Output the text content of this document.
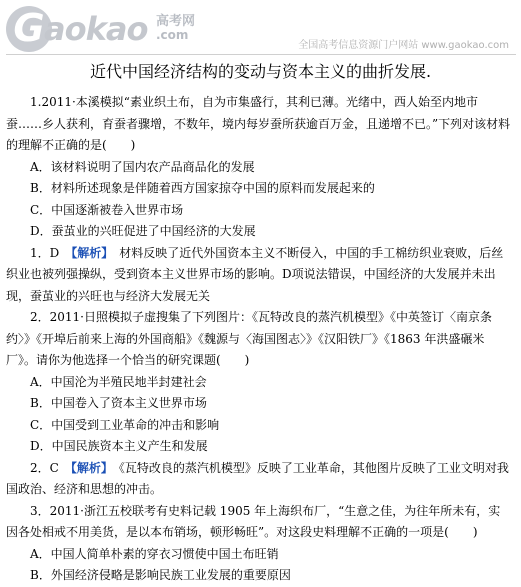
G aokao 高考网
.com
全国高考信息资源门户网站 www.gaokao.com
近代中国经济结构的变动与资本主义的曲折发展.

1.2011·本溪模拟“素业织土布，自为市集盛行，其利已薄。光绪中，西人始至内地市蚕……乡人获利，育蚕者骤增，不数年，境内每岁蚕所获逾百万金，且递增不已。”下列对该材料的理解不正确的是(　　)

A．该材料说明了国内农产品商品化的发展

B．材料所述现象是伴随着西方国家掠夺中国的原料而发展起来的

C．中国逐渐被卷入世界市场

D．蚕茧业的兴旺促进了中国经济的大发展

1．D　【解析】　材料反映了近代外国资本主义不断侵入，中国的手工棉纺织业衰败，后丝织业也被列强操纵，受到资本主义世界市场的影响。D项说法错误，中国经济的大发展并未出现，蚕茧业的兴旺也与经济大发展无关

2．2011·日照模拟子虚搜集了下列图片：《瓦特改良的蒸汽机模型》《中英签订〈南京条约〉》《开埠后前来上海的外国商船》《魏源与〈海国图志〉》《汉阳铁厂》《1863 年洪盛碾米厂》。请你为他选择一个恰当的研究课题(　　)

A．中国沦为半殖民地半封建社会

B．中国卷入了资本主义世界市场

C．中国受到工业革命的冲击和影响

D．中国民族资本主义产生和发展

2．C　【解析】　《瓦特改良的蒸汽机模型》反映了工业革命，其他图片反映了工业文明对我国政治、经济和思想的冲击。

3．2011·浙江五校联考有史料记载 1905 年上海织布厂，“生意之佳，为往年所未有，实因各处相戒不用美货，是以本布销场，顿形畅旺”。对这段史料理解不正确的一项是(　　)

A．中国人简单朴素的穿衣习惯使中国土布旺销

B．外国经济侵略是影响民族工业发展的重要原因
